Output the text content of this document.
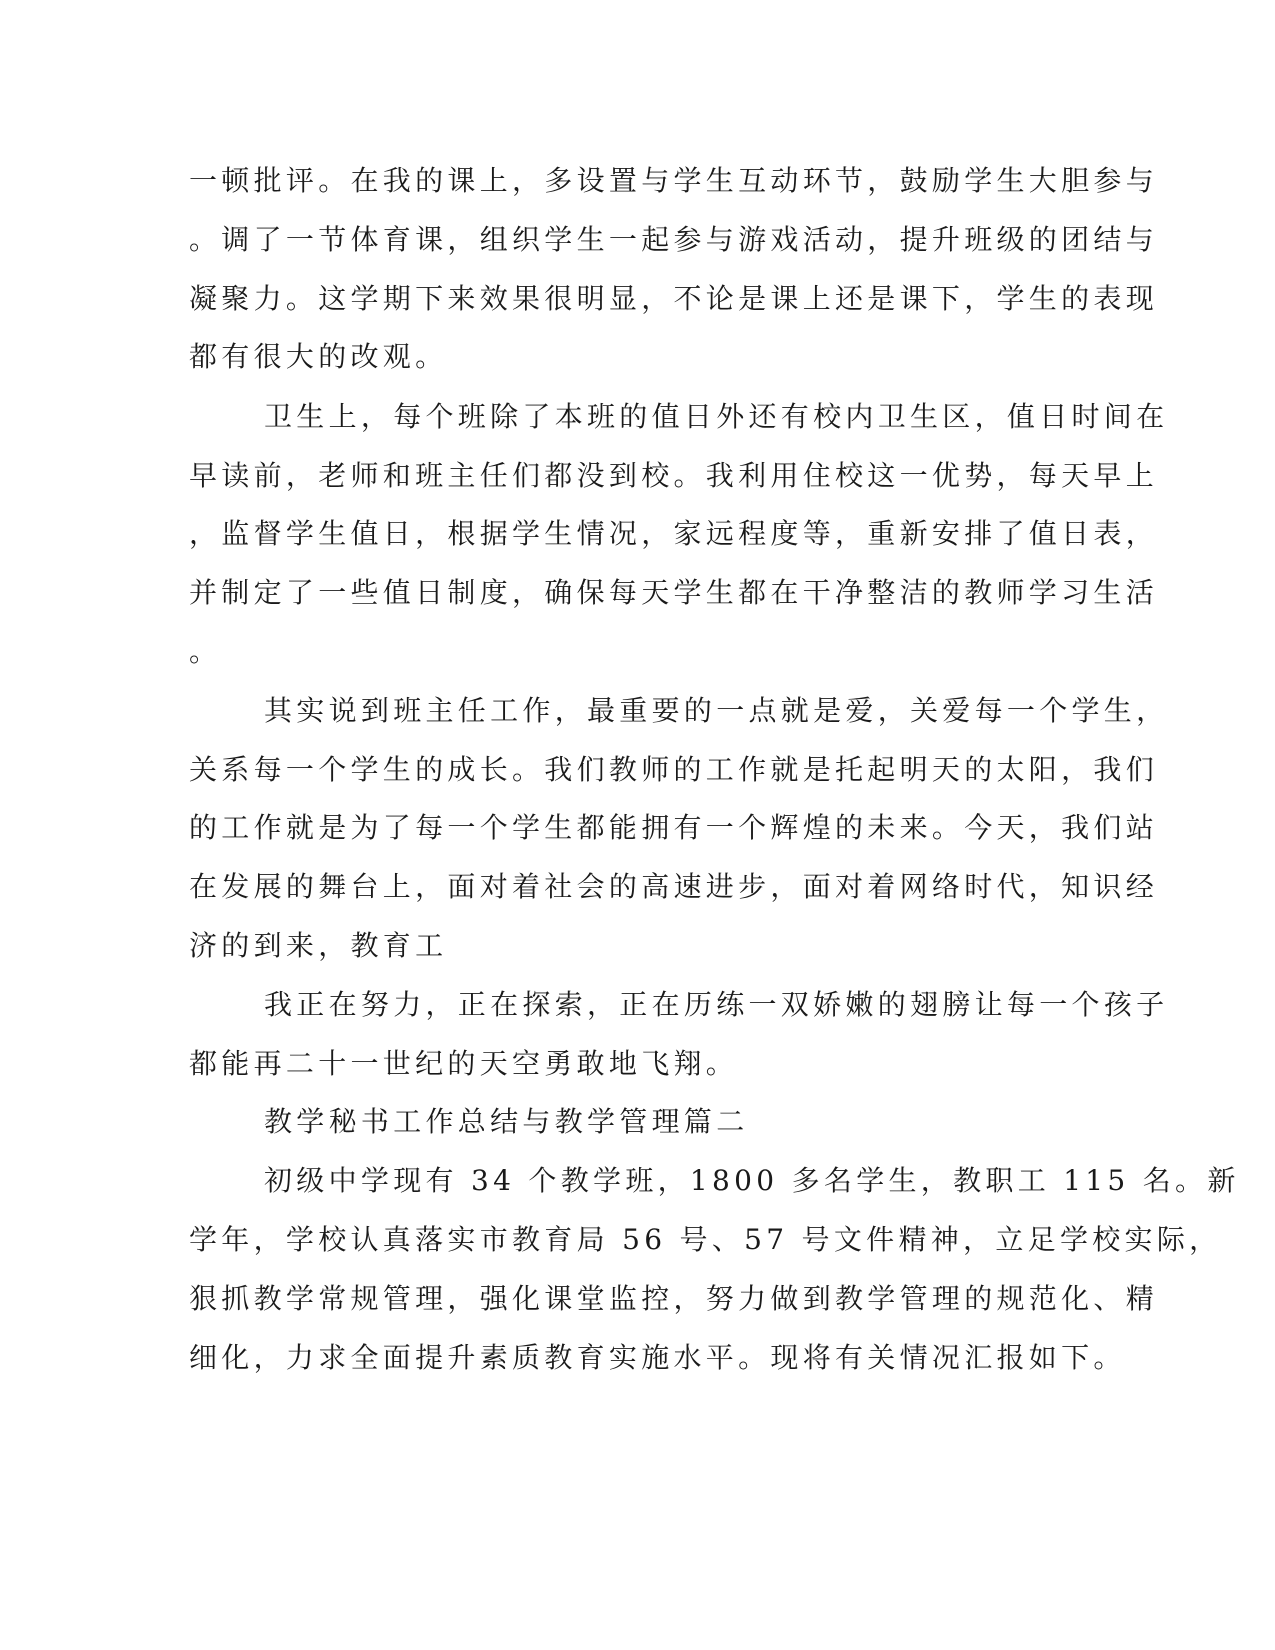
一顿批评。在我的课上，多设置与学生互动环节，鼓励学生大胆参与
。调了一节体育课，组织学生一起参与游戏活动，提升班级的团结与
凝聚力。这学期下来效果很明显，不论是课上还是课下，学生的表现
都有很大的改观。
卫生上，每个班除了本班的值日外还有校内卫生区，值日时间在
早读前，老师和班主任们都没到校。我利用住校这一优势，每天早上
，监督学生值日，根据学生情况，家远程度等，重新安排了值日表，
并制定了一些值日制度，确保每天学生都在干净整洁的教师学习生活
。
其实说到班主任工作，最重要的一点就是爱，关爱每一个学生，
关系每一个学生的成长。我们教师的工作就是托起明天的太阳，我们
的工作就是为了每一个学生都能拥有一个辉煌的未来。今天，我们站
在发展的舞台上，面对着社会的高速进步，面对着网络时代，知识经
济的到来，教育工
我正在努力，正在探索，正在历练一双娇嫩的翅膀让每一个孩子
都能再二十一世纪的天空勇敢地飞翔。
教学秘书工作总结与教学管理篇二
初级中学现有 34 个教学班，1800 多名学生，教职工 115 名。新
学年，学校认真落实市教育局 56 号、57 号文件精神，立足学校实际，
狠抓教学常规管理，强化课堂监控，努力做到教学管理的规范化、精
细化，力求全面提升素质教育实施水平。现将有关情况汇报如下。
